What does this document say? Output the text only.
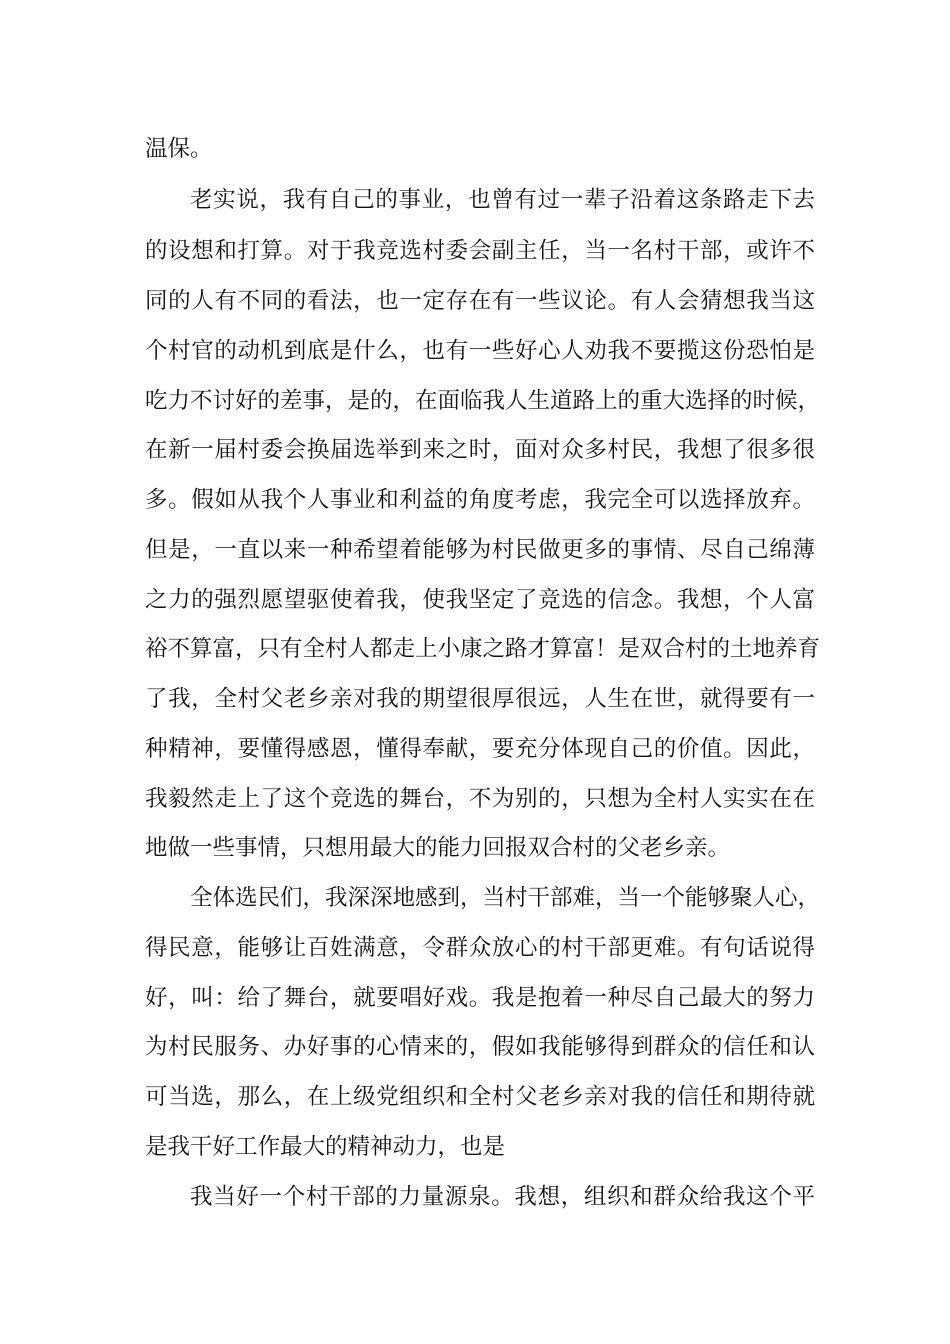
温保。
老实说，我有自己的事业，也曾有过一辈子沿着这条路走下去
的设想和打算。对于我竞选村委会副主任，当一名村干部，或许不
同的人有不同的看法，也一定存在有一些议论。有人会猜想我当这
个村官的动机到底是什么，也有一些好心人劝我不要揽这份恐怕是
吃力不讨好的差事，是的，在面临我人生道路上的重大选择的时候，
在新一届村委会换届选举到来之时，面对众多村民，我想了很多很
多。假如从我个人事业和利益的角度考虑，我完全可以选择放弃。
但是，一直以来一种希望着能够为村民做更多的事情、尽自己绵薄
之力的强烈愿望驱使着我，使我坚定了竞选的信念。我想，个人富
裕不算富，只有全村人都走上小康之路才算富！是双合村的土地养育
了我，全村父老乡亲对我的期望很厚很远，人生在世，就得要有一
种精神，要懂得感恩，懂得奉献，要充分体现自己的价值。因此，
我毅然走上了这个竞选的舞台，不为别的，只想为全村人实实在在
地做一些事情，只想用最大的能力回报双合村的父老乡亲。
全体选民们，我深深地感到，当村干部难，当一个能够聚人心，
得民意，能够让百姓满意，令群众放心的村干部更难。有句话说得
好，叫：给了舞台，就要唱好戏。我是抱着一种尽自己最大的努力
为村民服务、办好事的心情来的，假如我能够得到群众的信任和认
可当选，那么，在上级党组织和全村父老乡亲对我的信任和期待就
是我干好工作最大的精神动力，也是
我当好一个村干部的力量源泉。我想，组织和群众给我这个平
